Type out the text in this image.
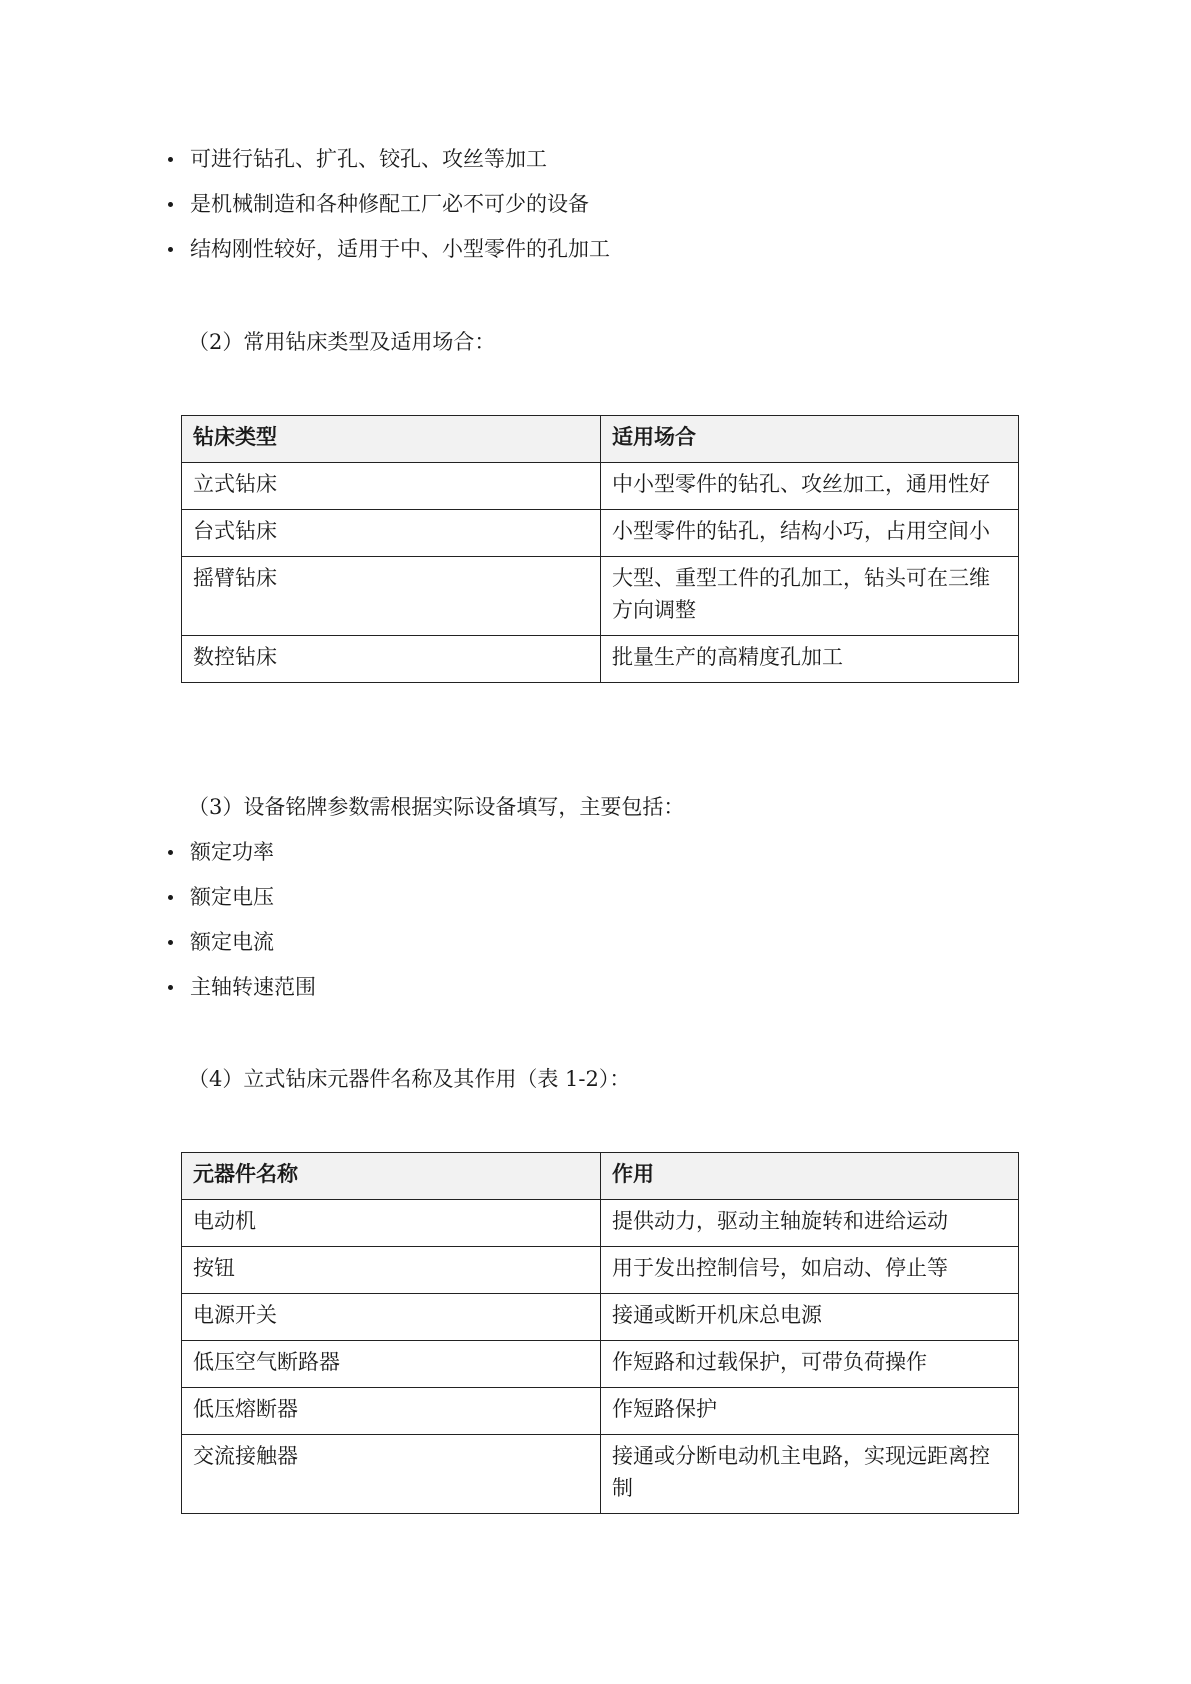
可进行钻孔、扩孔、铰孔、攻丝等加工
是机械制造和各种修配工厂必不可少的设备
结构刚性较好，适用于中、小型零件的孔加工
（2）常用钻床类型及适用场合：
钻床类型	适用场合
立式钻床	中小型零件的钻孔、攻丝加工，通用性好
台式钻床	小型零件的钻孔，结构小巧，占用空间小
摇臂钻床	大型、重型工件的孔加工，钻头可在三维方向调整
数控钻床	批量生产的高精度孔加工
（3）设备铭牌参数需根据实际设备填写，主要包括：
额定功率
额定电压
额定电流
主轴转速范围
（4）立式钻床元器件名称及其作用（表 1-2）：
元器件名称	作用
电动机	提供动力，驱动主轴旋转和进给运动
按钮	用于发出控制信号，如启动、停止等
电源开关	接通或断开机床总电源
低压空气断路器	作短路和过载保护，可带负荷操作
低压熔断器	作短路保护
交流接触器	接通或分断电动机主电路，实现远距离控制
